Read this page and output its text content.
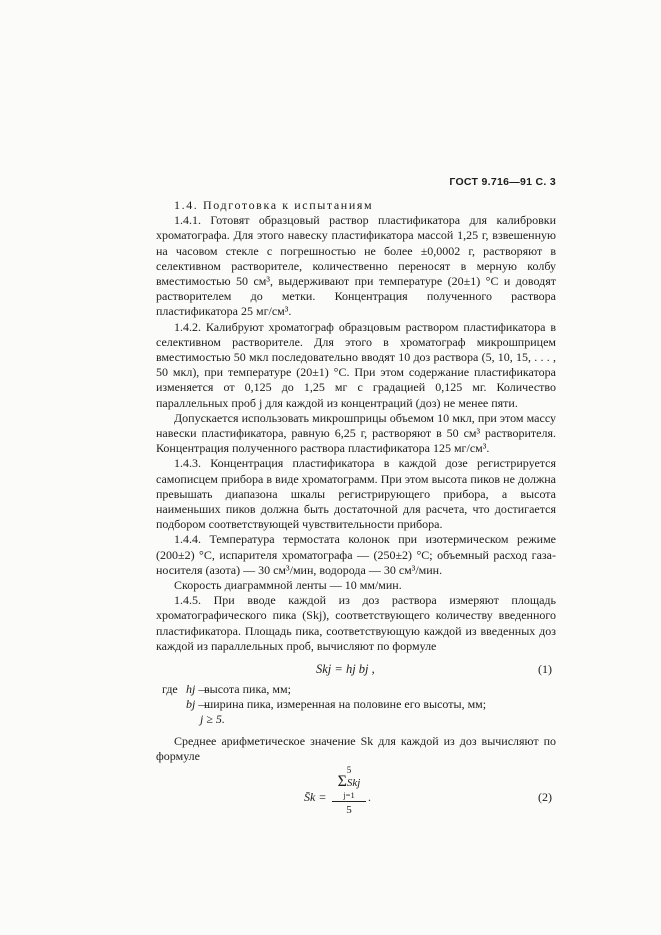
ГОСТ 9.716—91 С. 3

1.4. Подготовка к испытаниям

1.4.1. Готовят образцовый раствор пластификатора для калибровки хроматографа. Для этого навеску пластификатора массой 1,25 г, взвешенную на часовом стекле с погрешностью не более ±0,0002 г, растворяют в селективном растворителе, количественно переносят в мерную колбу вместимостью 50 см³, выдерживают при температуре (20±1) °С и доводят растворителем до метки. Концентрация полученного раствора пластификатора 25 мг/см³.

1.4.2. Калибруют хроматограф образцовым раствором пластификатора в селективном растворителе. Для этого в хроматограф микрошприцем вместимостью 50 мкл последовательно вводят 10 доз раствора (5, 10, 15, . . . , 50 мкл), при температуре (20±1) °С. При этом содержание пластификатора изменяется от 0,125 до 1,25 мг с градацией 0,125 мг. Количество параллельных проб j для каждой из концентраций (доз) не менее пяти.

Допускается использовать микрошприцы объемом 10 мкл, при этом массу навески пластификатора, равную 6,25 г, растворяют в 50 см³ растворителя. Концентрация полученного раствора пластификатора 125 мг/см³.

1.4.3. Концентрация пластификатора в каждой дозе регистрируется самописцем прибора в виде хроматограмм. При этом высота пиков не должна превышать диапазона шкалы регистрирующего прибора, а высота наименьших пиков должна быть достаточной для расчета, что достигается подбором соответствующей чувствительности прибора.

1.4.4. Температура термостата колонок при изотермическом режиме (200±2) °С, испарителя хроматографа — (250±2) °С; объемный расход газа-носителя (азота) — 30 см³/мин, водорода — 30 см³/мин.

Скорость диаграммной ленты — 10 мм/мин.

1.4.5. При вводе каждой из доз раствора измеряют площадь хроматографического пика (Skj), соответствующего количеству введенного пластификатора. Площадь пика, соответствующую каждой из введенных доз каждой из параллельных проб, вычисляют по формуле

Skj = hj bj ,	(1)
где hj —
высота пика, мм;
bj —
ширина пика, измеренная на половине его высоты, мм;
j ≥ 5.

Среднее арифметическое значение Sk для каждой из доз вычисляют по формуле

S̄k =
5
ΣSkj
j=1
5
.	(2)
